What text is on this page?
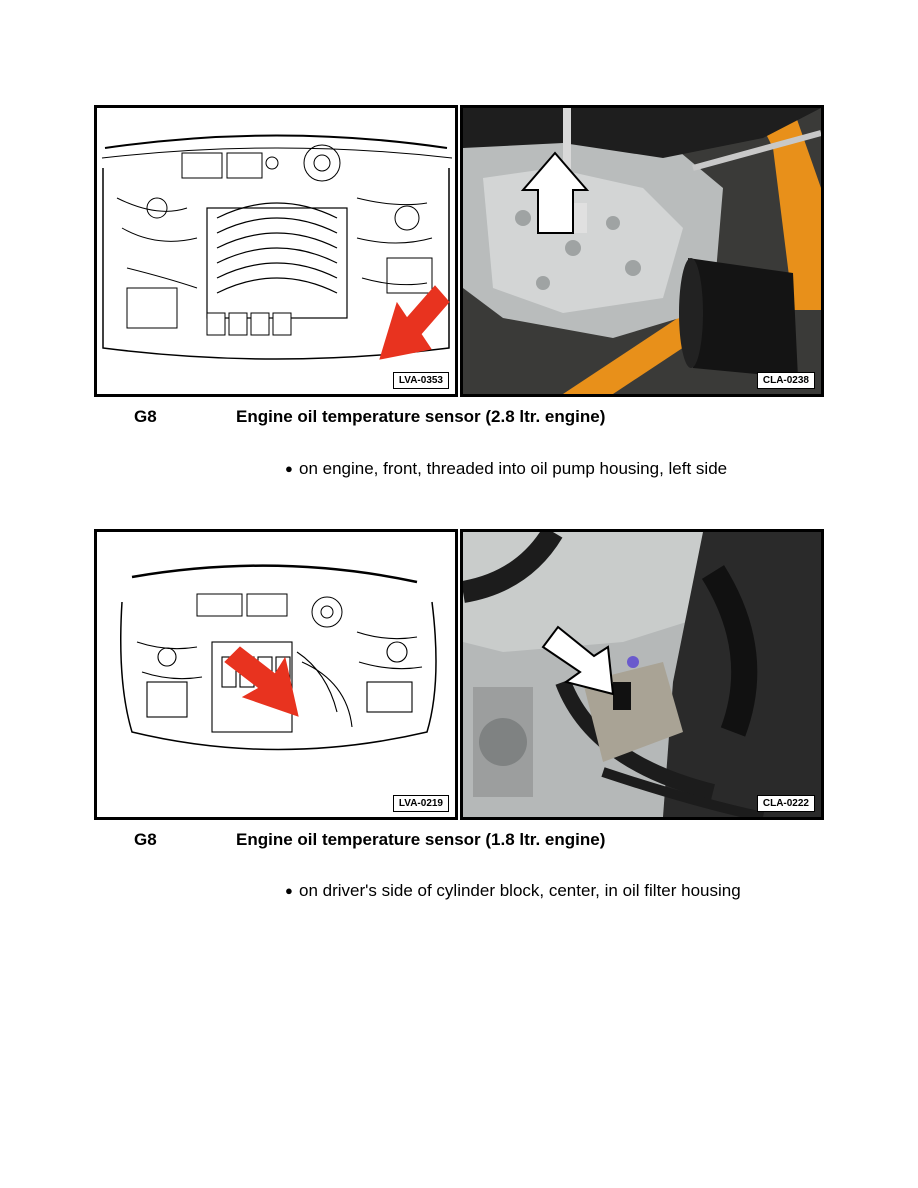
LVA-0353	CLA-0238
G8	Engine oil temperature sensor (2.8 ltr. engine)
● on engine, front, threaded into oil pump housing, left side
LVA-0219	CLA-0222
G8	Engine oil temperature sensor (1.8 ltr. engine)
● on driver's side of cylinder block, center, in oil filter housing
